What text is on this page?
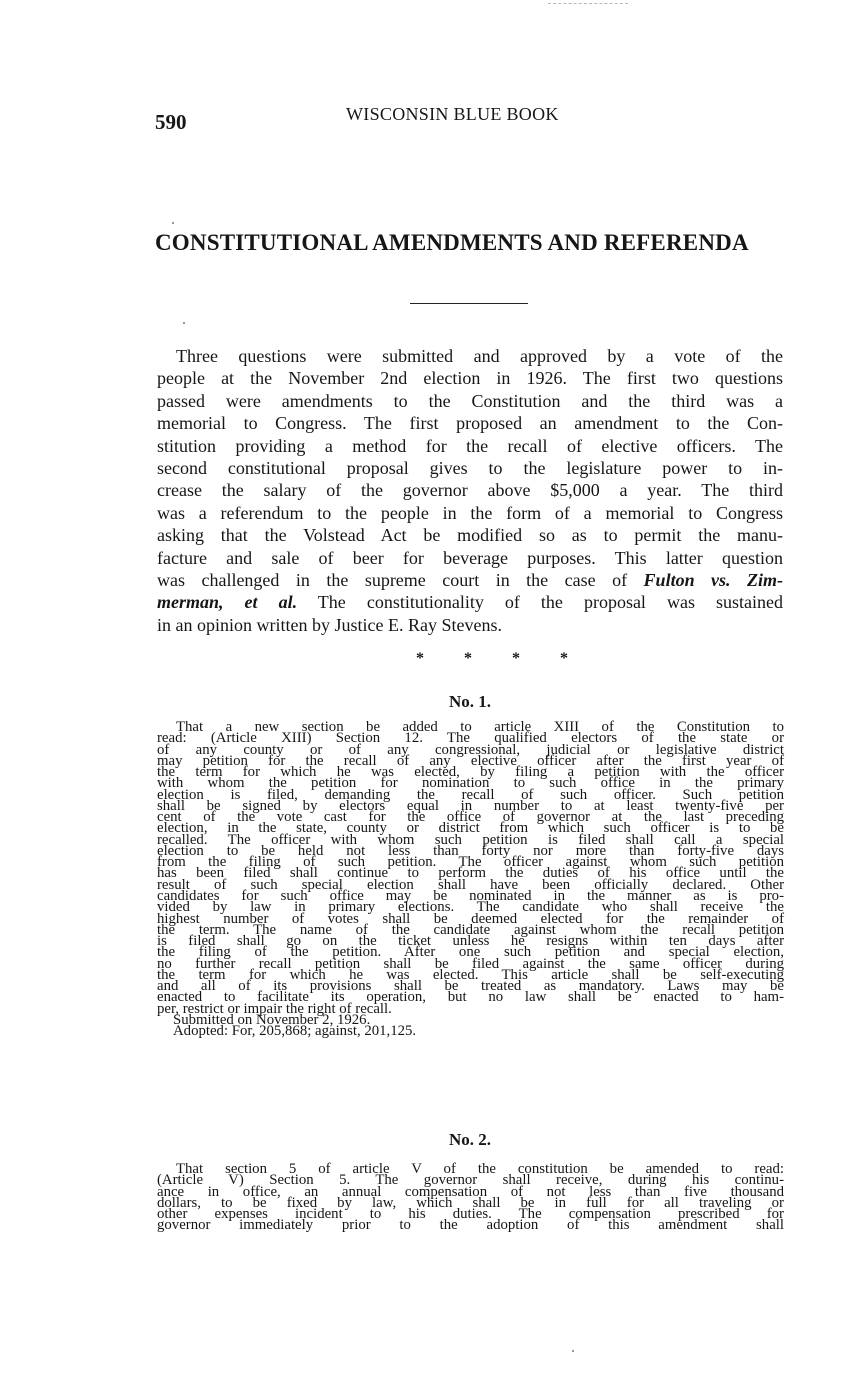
590	WISCONSIN BLUE BOOK
CONSTITUTIONAL AMENDMENTS AND REFERENDA
Three questions were submitted and approved by a vote of the
people at the November 2nd election in 1926. The first two questions
passed were amendments to the Constitution and the third was a
memorial to Congress. The first proposed an amendment to the Con-
stitution providing a method for the recall of elective officers. The
second constitutional proposal gives to the legislature power to in-
crease the salary of the governor above $5,000 a year. The third
was a referendum to the people in the form of a memorial to Congress
asking that the Volstead Act be modified so as to permit the manu-
facture and sale of beer for beverage purposes. This latter question
was challenged in the supreme court in the case of Fulton vs. Zim-
merman, et al. The constitutionality of the proposal was sustained
in an opinion written by Justice E. Ray Stevens.
* * * *
No. 1.
That a new section be added to article XIII of the Constitution to
read: (Article XIII) Section 12. The qualified electors of the state or
of any county or of any congressional, judicial or legislative district
may petition for the recall of any elective officer after the first year of
the term for which he was elected, by filing a petition with the officer
with whom the petition for nomination to such office in the primary
election is filed, demanding the recall of such officer. Such petition
shall be signed by electors equal in number to at least twenty-five per
cent of the vote cast for the office of governor at the last preceding
election, in the state, county or district from which such officer is to be
recalled. The officer with whom such petition is filed shall call a special
election to be held not less than forty nor more than forty-five days
from the filing of such petition. The officer against whom such petition
has been filed shall continue to perform the duties of his office until the
result of such special election shall have been officially declared. Other
candidates for such office may be nominated in the manner as is pro-
vided by law in primary elections. The candidate who shall receive the
highest number of votes shall be deemed elected for the remainder of
the term. The name of the candidate against whom the recall petition
is filed shall go on the ticket unless he resigns within ten days after
the filing of the petition. After one such petition and special election,
no further recall petition shall be filed against the same officer during
the term for which he was elected. This article shall be self-executing
and all of its provisions shall be treated as mandatory. Laws may be
enacted to facilitate its operation, but no law shall be enacted to ham-
per, restrict or impair the right of recall.
Submitted on November 2, 1926.
Adopted: For, 205,868; against, 201,125.
No. 2.
That section 5 of article V of the constitution be amended to read:
(Article V) Section 5. The governor shall receive, during his continu-
ance in office, an annual compensation of not less than five thousand
dollars, to be fixed by law, which shall be in full for all traveling or
other expenses incident to his duties. The compensation prescribed for
governor immediately prior to the adoption of this amendment shall
